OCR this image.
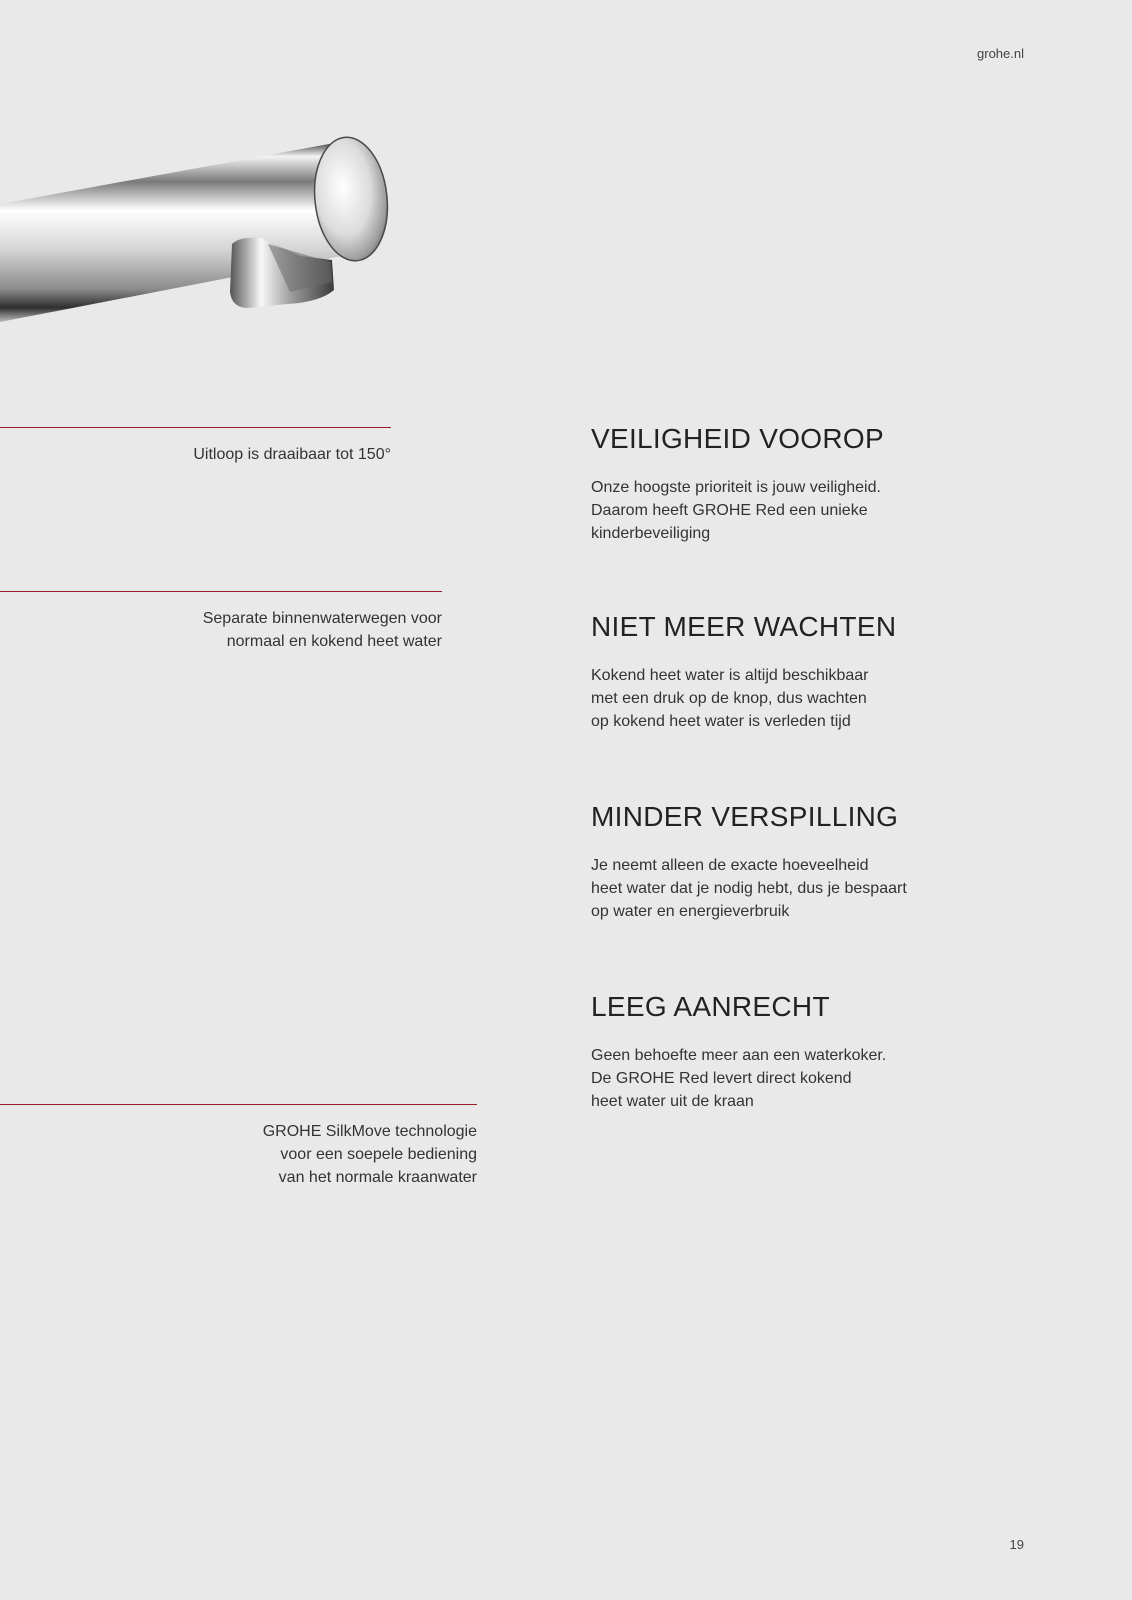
grohe.nl
Uitloop is draaibaar tot 150°
Separate binnenwaterwegen voor
normaal en kokend heet water
GROHE SilkMove technologie
voor een soepele bediening
van het normale kraanwater
VEILIGHEID VOOROP
Onze hoogste prioriteit is jouw veiligheid.
Daarom heeft GROHE Red een unieke
kinderbeveiliging
NIET MEER WACHTEN
Kokend heet water is altijd beschikbaar
met een druk op de knop, dus wachten
op kokend heet water is verleden tijd
MINDER VERSPILLING
Je neemt alleen de exacte hoeveelheid
heet water dat je nodig hebt, dus je bespaart
op water en energieverbruik
LEEG AANRECHT
Geen behoefte meer aan een waterkoker.
De GROHE Red levert direct kokend
heet water uit de kraan
19
